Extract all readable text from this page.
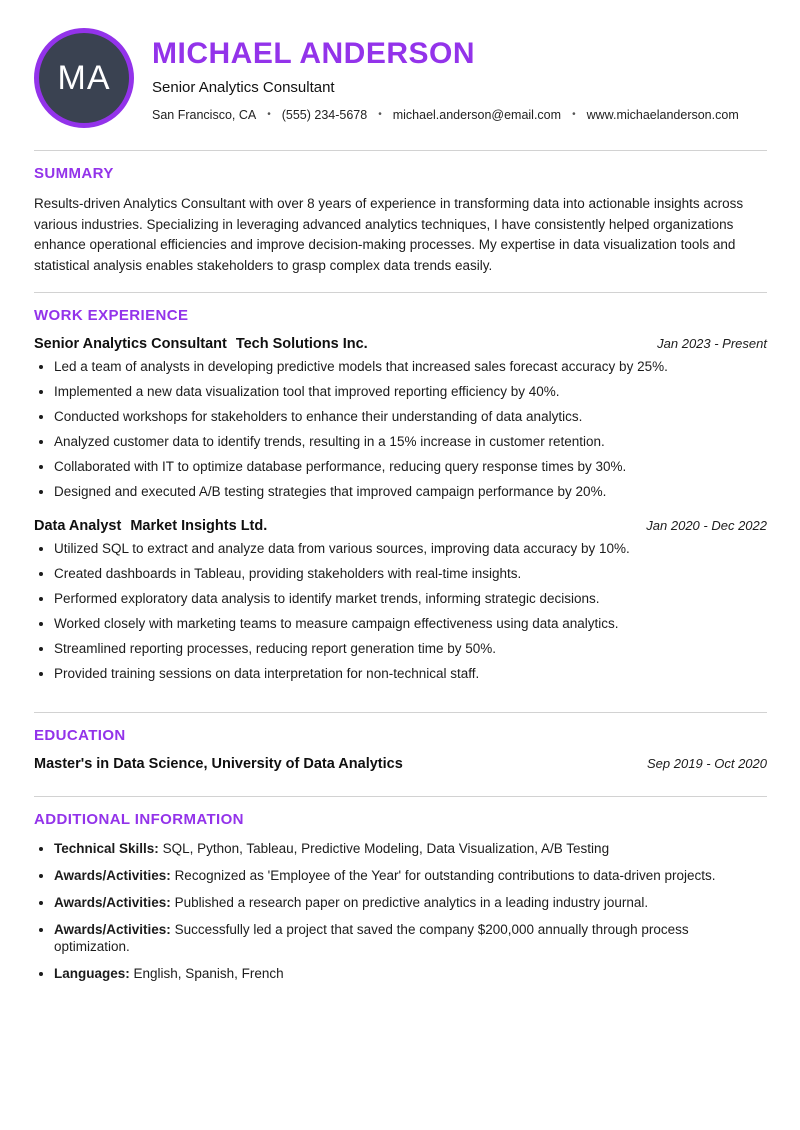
MA
MICHAEL ANDERSON
Senior Analytics Consultant
San Francisco, CA • (555) 234-5678 • michael.anderson@email.com • www.michaelanderson.com
SUMMARY

Results-driven Analytics Consultant with over 8 years of experience in transforming data into actionable insights across various industries. Specializing in leveraging advanced analytics techniques, I have consistently helped organizations enhance operational efficiencies and improve decision-making processes. My expertise in data visualization tools and statistical analysis enables stakeholders to grasp complex data trends easily.

WORK EXPERIENCE
Senior Analytics Consultant Tech Solutions Inc.	Jan 2023 - Present
• Led a team of analysts in developing predictive models that increased sales forecast accuracy by 25%.
• Implemented a new data visualization tool that improved reporting efficiency by 40%.
• Conducted workshops for stakeholders to enhance their understanding of data analytics.
• Analyzed customer data to identify trends, resulting in a 15% increase in customer retention.
• Collaborated with IT to optimize database performance, reducing query response times by 30%.
• Designed and executed A/B testing strategies that improved campaign performance by 20%.
Data Analyst Market Insights Ltd.	Jan 2020 - Dec 2022
• Utilized SQL to extract and analyze data from various sources, improving data accuracy by 10%.
• Created dashboards in Tableau, providing stakeholders with real-time insights.
• Performed exploratory data analysis to identify market trends, informing strategic decisions.
• Worked closely with marketing teams to measure campaign effectiveness using data analytics.
• Streamlined reporting processes, reducing report generation time by 50%.
• Provided training sessions on data interpretation for non-technical staff.
EDUCATION
Master's in Data Science, University of Data Analytics	Sep 2019 - Oct 2020
ADDITIONAL INFORMATION
• Technical Skills: SQL, Python, Tableau, Predictive Modeling, Data Visualization, A/B Testing
• Awards/Activities: Recognized as 'Employee of the Year' for outstanding contributions to data-driven projects.
• Awards/Activities: Published a research paper on predictive analytics in a leading industry journal.
• Awards/Activities: Successfully led a project that saved the company $200,000 annually through process optimization.
• Languages: English, Spanish, French
